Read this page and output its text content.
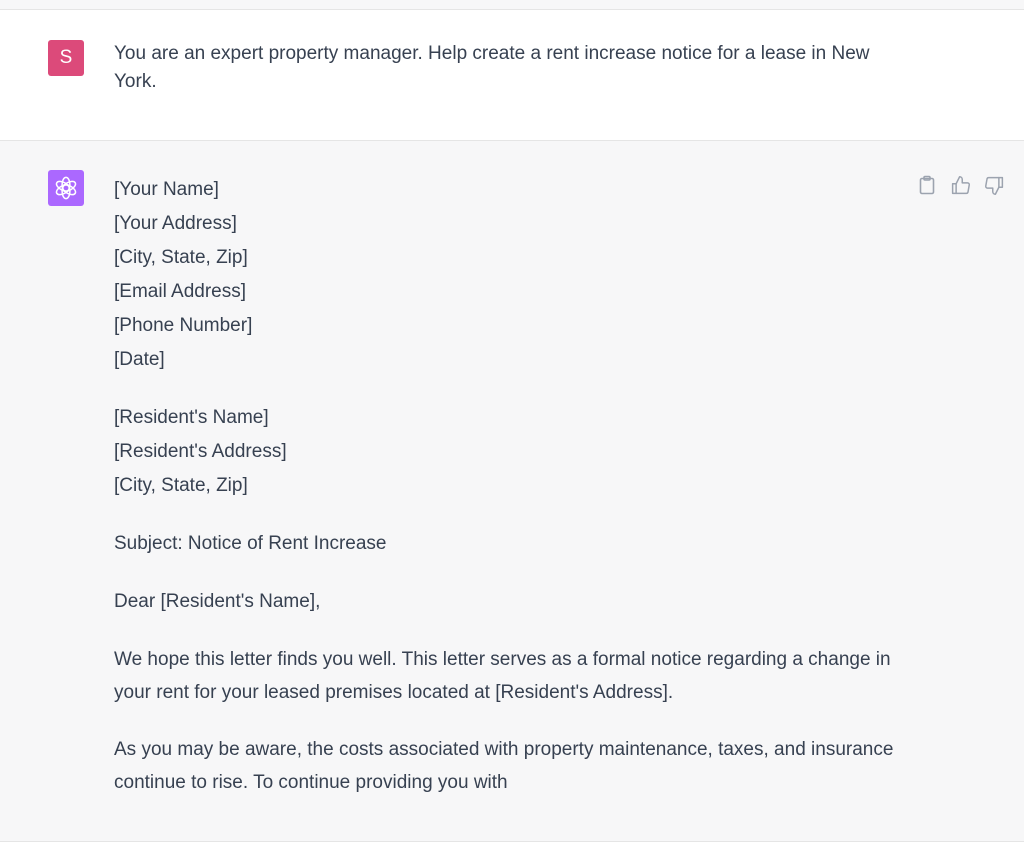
S You are an expert property manager. Help create a rent increase notice for a lease in New York.
[Your Name]
[Your Address]
[City, State, Zip]
[Email Address]
[Phone Number]
[Date]
[Resident's Name]
[Resident's Address]
[City, State, Zip]
Subject: Notice of Rent Increase
Dear [Resident's Name],
We hope this letter finds you well. This letter serves as a formal notice regarding a change in your rent for your leased premises located at [Resident's Address].
As you may be aware, the costs associated with property maintenance, taxes, and insurance continue to rise. To continue providing you with
